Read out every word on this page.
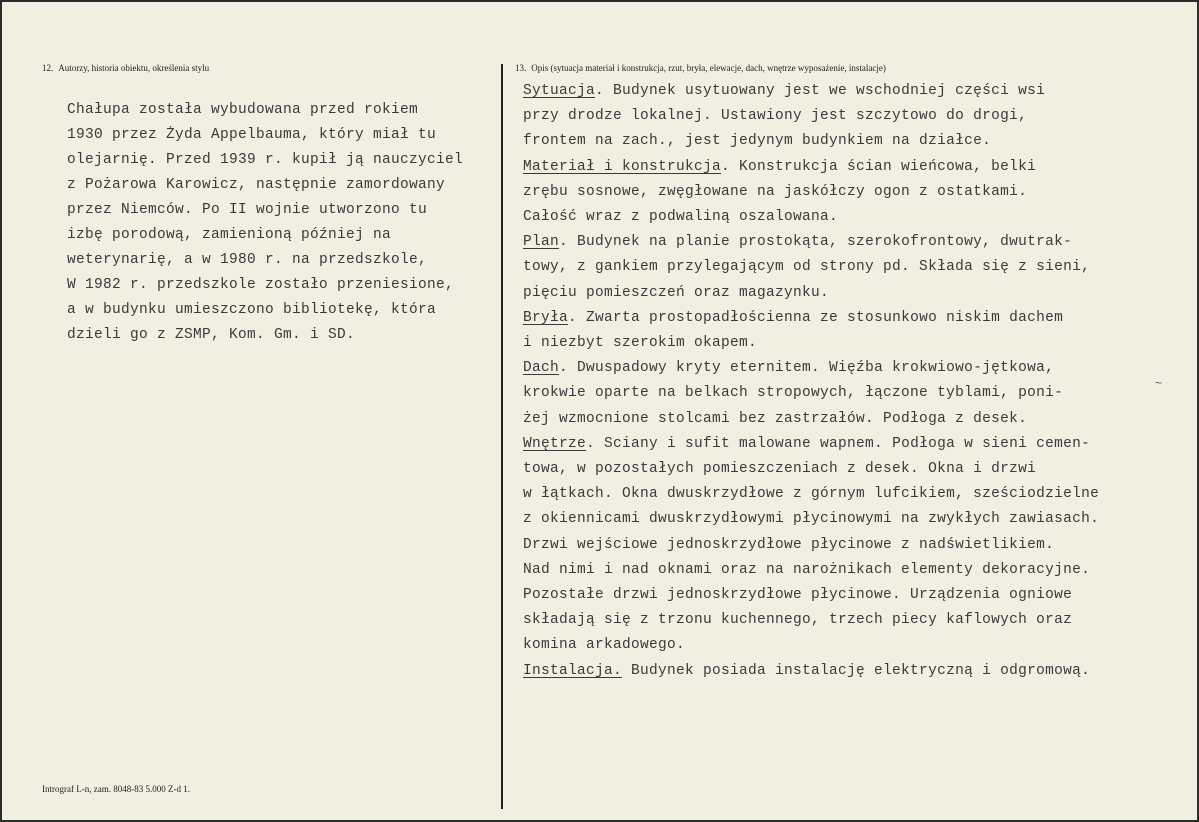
12. Autorzy, historia obiektu, określenia stylu	13. Opis (sytuacja materiał i konstrukcja, rzut, bryła, elewacje, dach, wnętrze wyposażenie, instalacje)
Chałupa została wybudowana przed rokiem
1930 przez Żyda Appelbauma, który miał tu
olejarnię. Przed 1939 r. kupił ją nauczyciel
z Pożarowa Karowicz, następnie zamordowany
przez Niemców. Po II wojnie utworzono tu
izbę porodową, zamienioną później na
weterynarię, a w 1980 r. na przedszkole,
W 1982 r. przedszkole zostało przeniesione,
a w budynku umieszczono bibliotekę, która
dzieli go z ZSMP, Kom. Gm. i SD.
Sytuacja. Budynek usytuowany jest we wschodniej części wsi
przy drodze lokalnej. Ustawiony jest szczytowo do drogi,
frontem na zach., jest jedynym budynkiem na działce.
Materiał i konstrukcja. Konstrukcja ścian wieńcowa, belki
zrębu sosnowe, zwęgłowane na jaskółczy ogon z ostatkami.
Całość wraz z podwaliną oszalowana.
Plan. Budynek na planie prostokąta, szerokofrontowy, dwutrak-
towy, z gankiem przylegającym od strony pd. Składa się z sieni,
pięciu pomieszczeń oraz magazynku.
Bryła. Zwarta prostopadłościenna ze stosunkowo niskim dachem
i niezbyt szerokim okapem.
Dach. Dwuspadowy kryty eternitem. Więźba krokwiowo-jętkowa,
krokwie oparte na belkach stropowych, łączone tyblami, poni-
żej wzmocnione stolcami bez zastrzałów. Podłoga z desek.
Wnętrze. Sciany i sufit malowane wapnem. Podłoga w sieni cemen-
towa, w pozostałych pomieszczeniach z desek. Okna i drzwi
w łątkach. Okna dwuskrzydłowe z górnym lufcikiem, sześciodzielne
z okiennicami dwuskrzydłowymi płycinowymi na zwykłych zawiasach.
Drzwi wejściowe jednoskrzydłowe płycinowe z nadświetlikiem.
Nad nimi i nad oknami oraz na narożnikach elementy dekoracyjne.
Pozostałe drzwi jednoskrzydłowe płycinowe. Urządzenia ogniowe
składają się z trzonu kuchennego, trzech piecy kaflowych oraz
komina arkadowego.
Instalacja. Budynek posiada instalację elektryczną i odgromową.
~
Intrograf L-n, zam. 8048-83 5.000 Z-d 1.
